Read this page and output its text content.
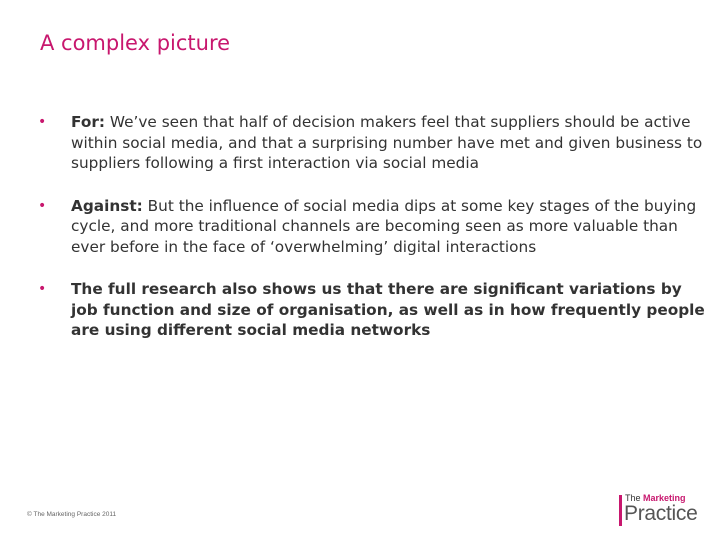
A complex picture
• For: We’ve seen that half of decision makers feel that suppliers should be active within social media, and that a surprising number have met and given business to suppliers following a first interaction via social media
• Against: But the influence of social media dips at some key stages of the buying cycle, and more traditional channels are becoming seen as more valuable than ever before in the face of ‘overwhelming’ digital interactions
• The full research also shows us that there are significant variations by job function and size of organisation, as well as in how frequently people are using different social media networks
© The Marketing Practice 2011
The Marketing
Practice
